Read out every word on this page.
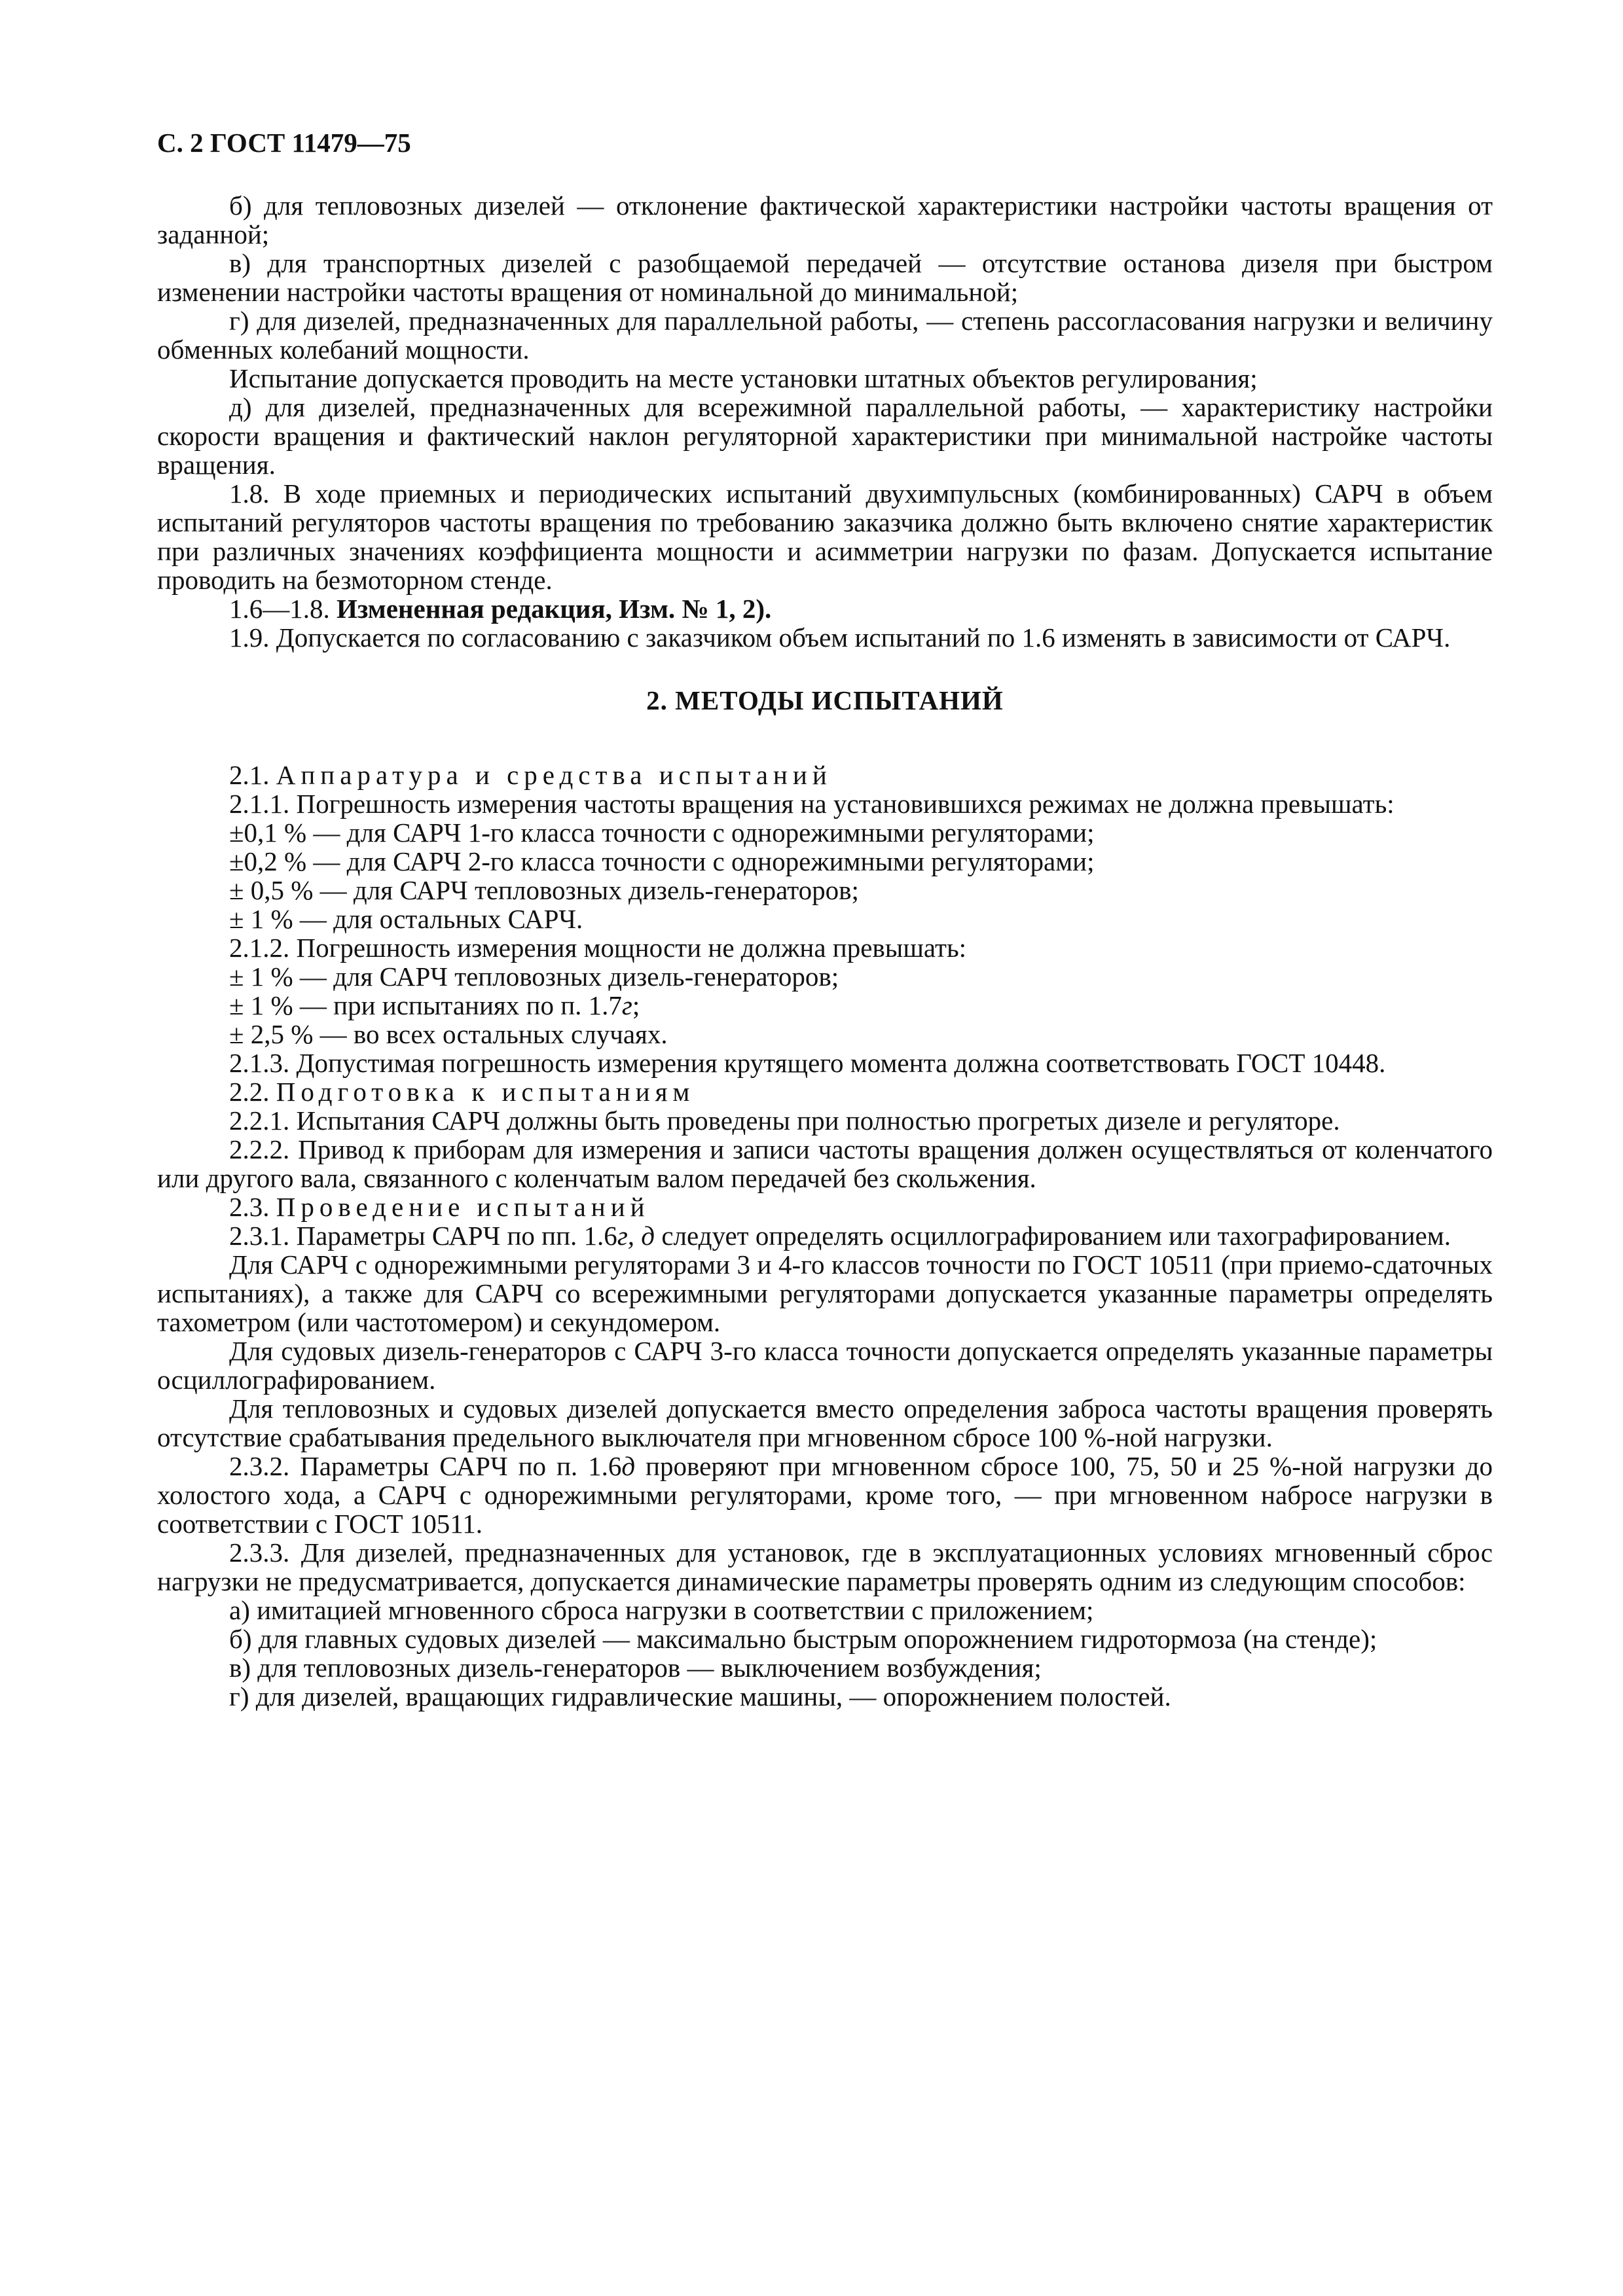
С. 2 ГОСТ 11479—75

б) для тепловозных дизелей — отклонение фактической характеристики настройки частоты вращения от заданной;

в) для транспортных дизелей с разобщаемой передачей — отсутствие останова дизеля при быстром изменении настройки частоты вращения от номинальной до минимальной;

г) для дизелей, предназначенных для параллельной работы, — степень рассогласования нагрузки и величину обменных колебаний мощности.

Испытание допускается проводить на месте установки штатных объектов регулирования;

д) для дизелей, предназначенных для всережимной параллельной работы, — характеристику настройки скорости вращения и фактический наклон регуляторной характеристики при минимальной настройке частоты вращения.

1.8. В ходе приемных и периодических испытаний двухимпульсных (комбинированных) САРЧ в объем испытаний регуляторов частоты вращения по требованию заказчика должно быть включено снятие характеристик при различных значениях коэффициента мощности и асимметрии нагрузки по фазам. Допускается испытание проводить на безмоторном стенде.

1.6—1.8. Измененная редакция, Изм. № 1, 2).

1.9. Допускается по согласованию с заказчиком объем испытаний по 1.6 изменять в зависимости от САРЧ.

2. МЕТОДЫ ИСПЫТАНИЙ

2.1. Аппаратура и средства испытаний

2.1.1. Погрешность измерения частоты вращения на установившихся режимах не должна превышать:

±0,1 % — для САРЧ 1-го класса точности с однорежимными регуляторами;

±0,2 % — для САРЧ 2-го класса точности с однорежимными регуляторами;

± 0,5 % — для САРЧ тепловозных дизель-генераторов;

± 1 % — для остальных САРЧ.

2.1.2. Погрешность измерения мощности не должна превышать:

± 1 % — для САРЧ тепловозных дизель-генераторов;

± 1 % — при испытаниях по п. 1.7г;

± 2,5 % — во всех остальных случаях.

2.1.3. Допустимая погрешность измерения крутящего момента должна соответствовать ГОСТ 10448.

2.2. Подготовка к испытаниям

2.2.1. Испытания САРЧ должны быть проведены при полностью прогретых дизеле и регуляторе.

2.2.2. Привод к приборам для измерения и записи частоты вращения должен осуществляться от коленчатого или другого вала, связанного с коленчатым валом передачей без скольжения.

2.3. Проведение испытаний

2.3.1. Параметры САРЧ по пп. 1.6г, д следует определять осциллографированием или тахографированием.

Для САРЧ с однорежимными регуляторами 3 и 4-го классов точности по ГОСТ 10511 (при приемо-сдаточных испытаниях), а также для САРЧ со всережимными регуляторами допускается указанные параметры определять тахометром (или частотомером) и секундомером.

Для судовых дизель-генераторов с САРЧ 3-го класса точности допускается определять указанные параметры осциллографированием.

Для тепловозных и судовых дизелей допускается вместо определения заброса частоты вращения проверять отсутствие срабатывания предельного выключателя при мгновенном сбросе 100 %-ной нагрузки.

2.3.2. Параметры САРЧ по п. 1.6д проверяют при мгновенном сбросе 100, 75, 50 и 25 %-ной нагрузки до холостого хода, а САРЧ с однорежимными регуляторами, кроме того, — при мгновенном набросе нагрузки в соответствии с ГОСТ 10511.

2.3.3. Для дизелей, предназначенных для установок, где в эксплуатационных условиях мгновенный сброс нагрузки не предусматривается, допускается динамические параметры проверять одним из следующим способов:

а) имитацией мгновенного сброса нагрузки в соответствии с приложением;

б) для главных судовых дизелей — максимально быстрым опорожнением гидротормоза (на стенде);

в) для тепловозных дизель-генераторов — выключением возбуждения;

г) для дизелей, вращающих гидравлические машины, — опорожнением полостей.
